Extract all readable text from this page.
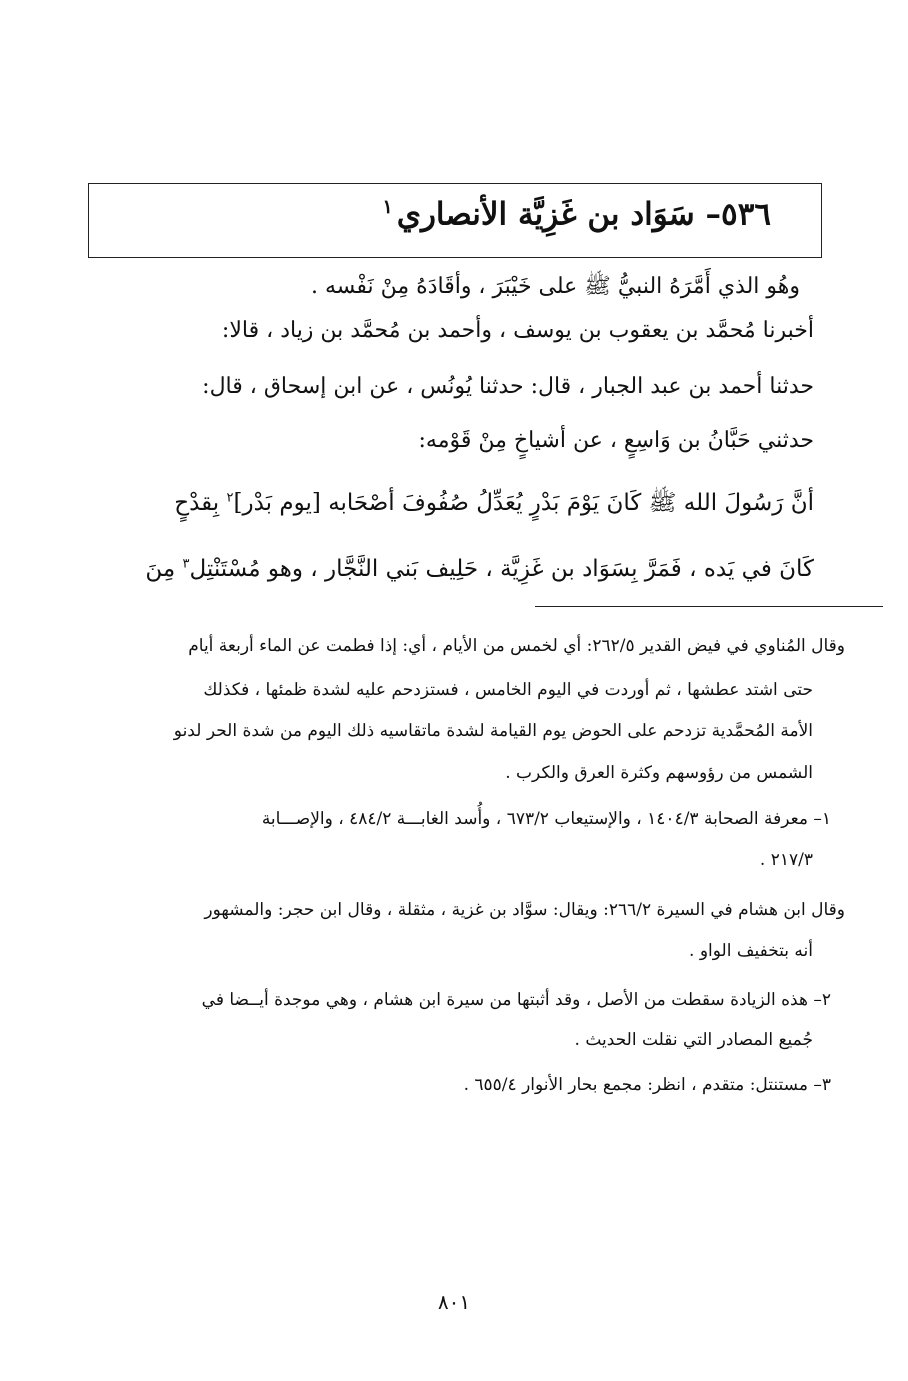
٥٣٦– سَوَاد بن غَزِيَّة الأنصاري$^١$
وهُو الذي أَمَّرَهُ النبيُّ ﷺ على خَيْبَرَ ، وأقَادَهُ مِنْ نَفْسه .
أخبرنا مُحمَّد بن يعقوب بن يوسف ، وأحمد بن مُحمَّد بن زياد ، قالا:
حدثنا أحمد بن عبد الجبار ، قال: حدثنا يُونُس ، عن ابن إسحاق ، قال:
حدثني حَبَّانُ بن وَاسِعٍ ، عن أشياخٍ مِنْ قَوْمه:
أنَّ رَسُولَ الله ﷺ كَانَ يَوْمَ بَدْرٍ يُعَدِّلُ صُفُوفَ أصْحَابه [يوم بَدْر]$^٢$ بِقدْحٍ
كَانَ في يَده ، فَمَرَّ بِسَوَاد بن غَزِيَّة ، حَلِيف بَني النَّجَّار ، وهو مُسْتَنْتِل$^٣$ مِنَ
وقال المُناوي في فيض القدير ٢٦٢/٥: أي لخمس من الأيام ، أي: إذا فطمت عن الماء أربعة أيام
حتى اشتد عطشها ، ثم أوردت في اليوم الخامس ، فستزدحم عليه لشدة ظمئها ، فكذلك
الأمة المُحمَّدية تزدحم على الحوض يوم القيامة لشدة ماتقاسيه ذلك اليوم من شدة الحر لدنو
الشمس من رؤوسهم وكثرة العرق والكرب .
١– معرفة الصحابة ١٤٠٤/٣ ، والإستيعاب ٦٧٣/٢ ، وأُسد الغابـــة ٤٨٤/٢ ، والإصـــابة
٢١٧/٣ .
وقال ابن هشام في السيرة ٢٦٦/٢: ويقال: سوَّاد بن غزية ، مثقلة ، وقال ابن حجر: والمشهور
أنه بتخفيف الواو .
٢– هذه الزيادة سقطت من الأصل ، وقد أثبتها من سيرة ابن هشام ، وهي موجدة أيــضا في
جُميع المصادر التي نقلت الحديث .
٣– مستنتل: متقدم ، انظر: مجمع بحار الأنوار ٦٥٥/٤ .
٨٠١
